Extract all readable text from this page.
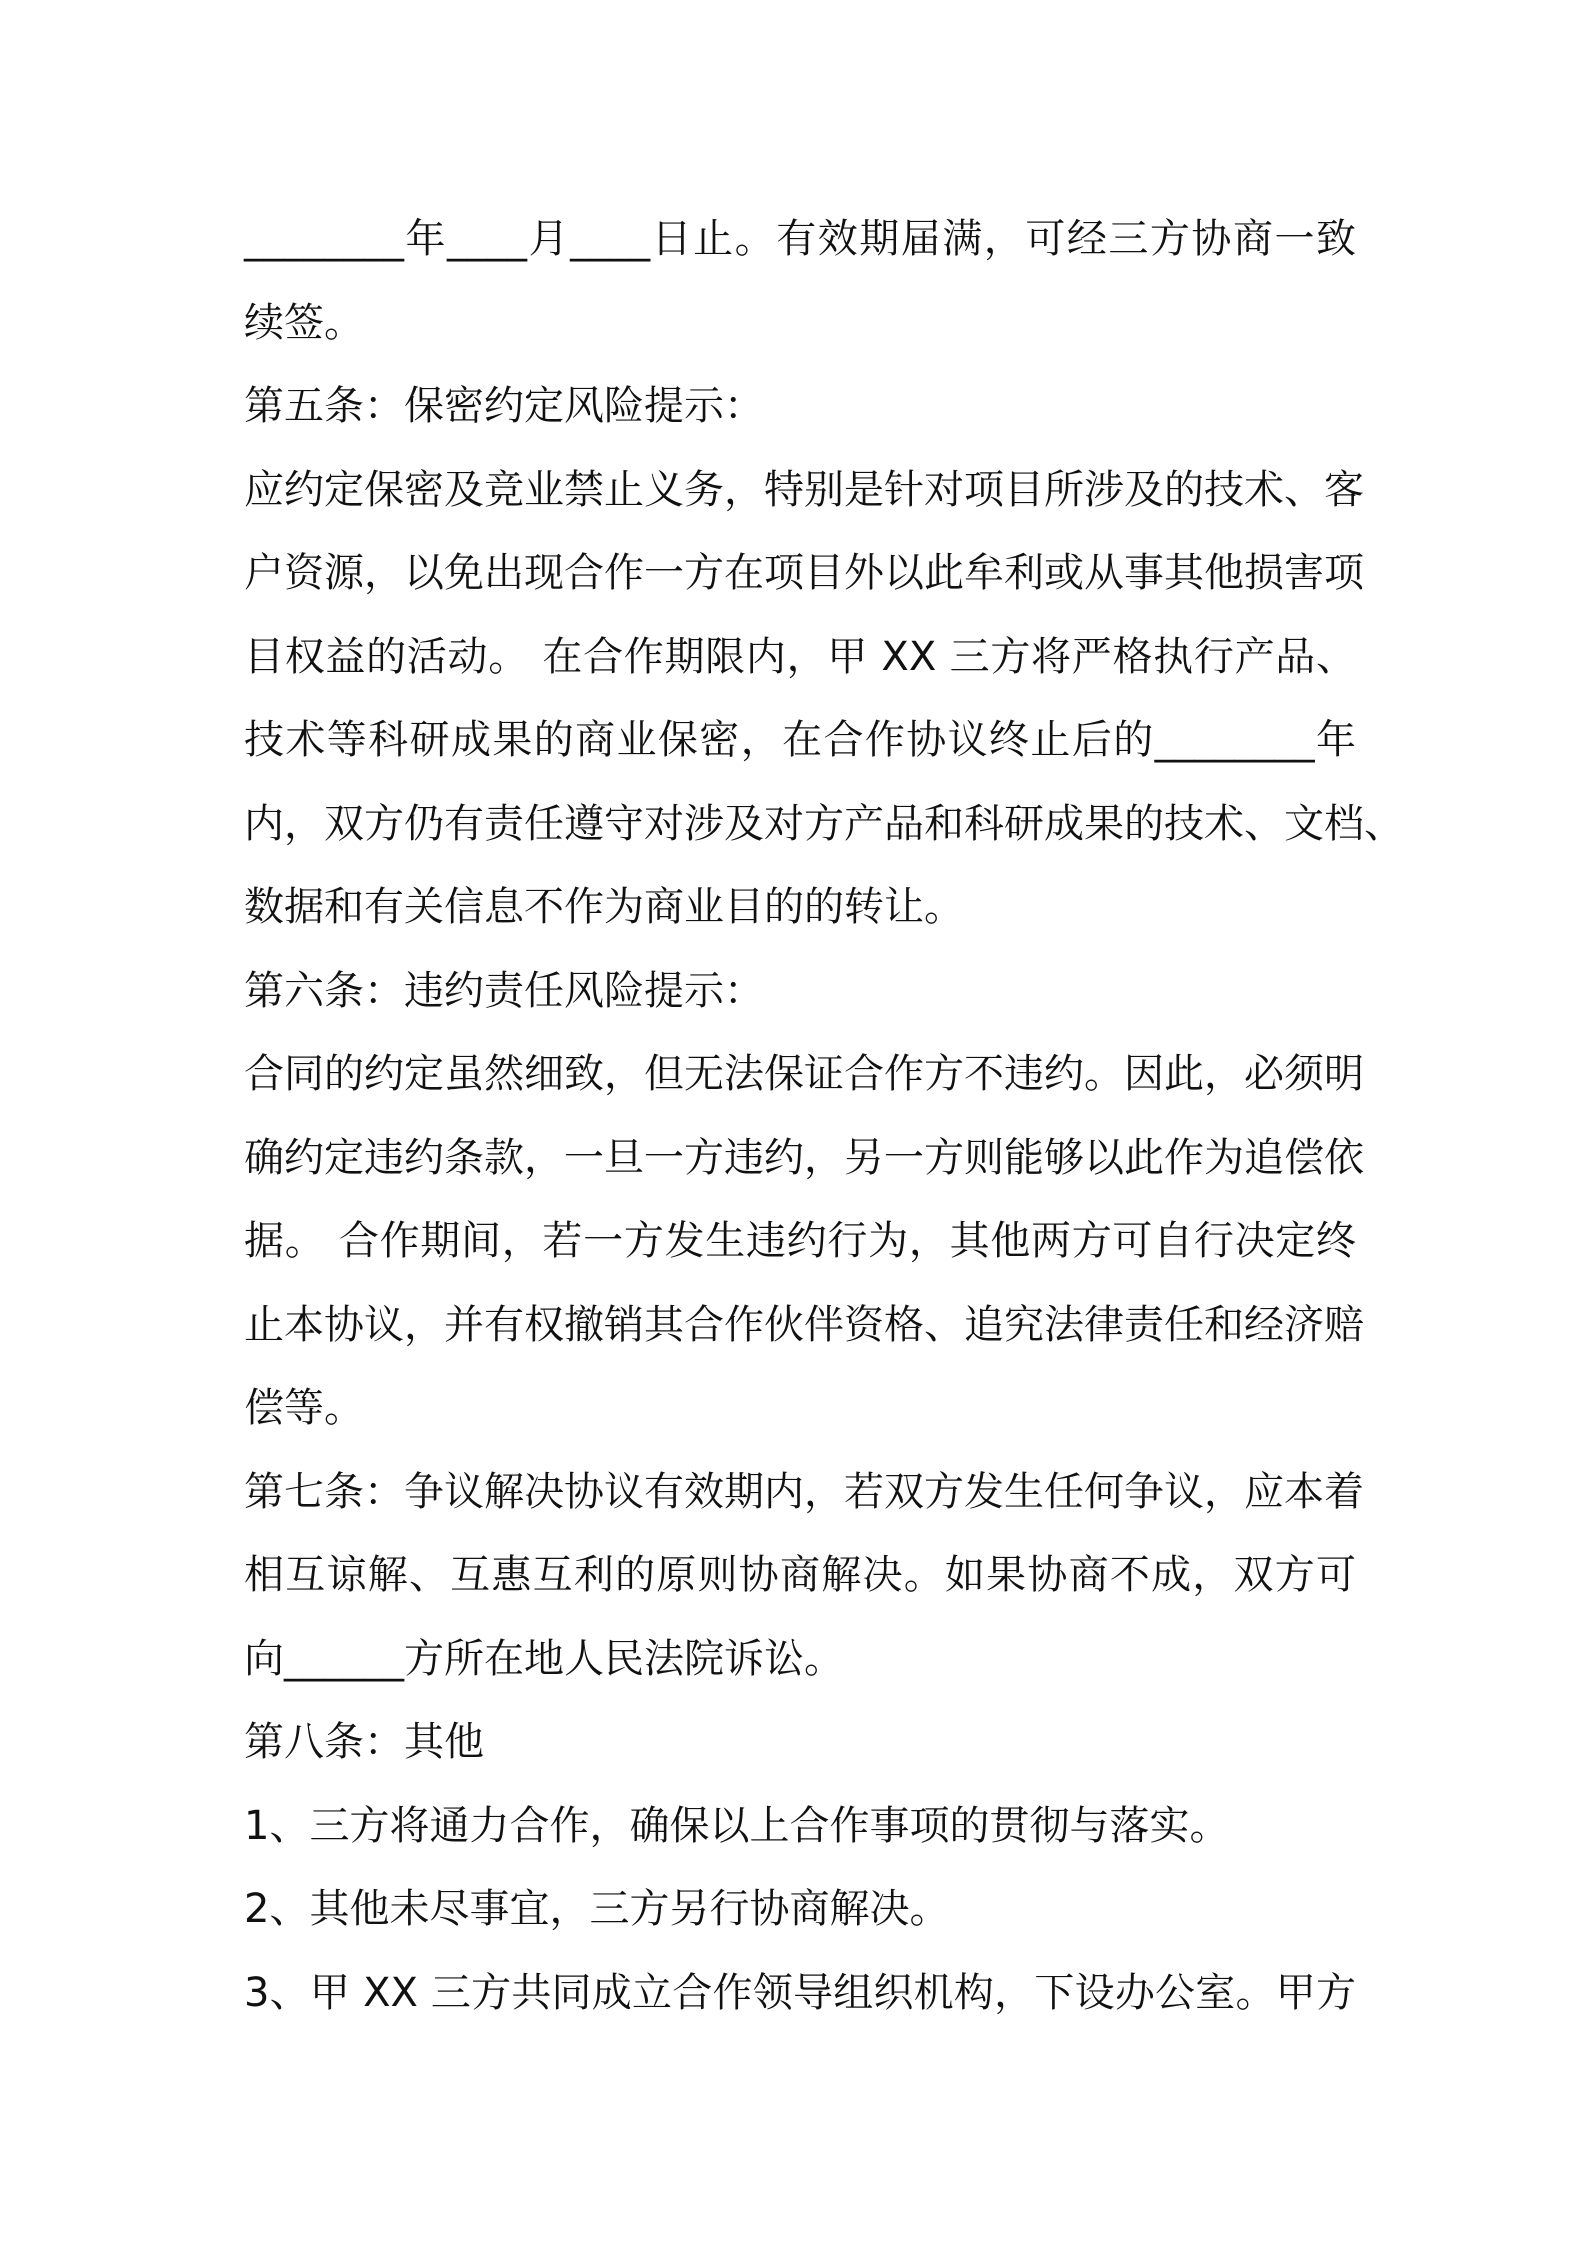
________年____月____日止。有效期届满，可经三方协商一致
续签。
第五条：保密约定风险提示：
应约定保密及竞业禁止义务，特别是针对项目所涉及的技术、客
户资源，以免出现合作一方在项目外以此牟利或从事其他损害项
目权益的活动。 在合作期限内，甲 XX 三方将严格执行产品、
技术等科研成果的商业保密，在合作协议终止后的________年
内，双方仍有责任遵守对涉及对方产品和科研成果的技术、文档、
数据和有关信息不作为商业目的的转让。
第六条：违约责任风险提示：
合同的约定虽然细致，但无法保证合作方不违约。因此，必须明
确约定违约条款，一旦一方违约，另一方则能够以此作为追偿依
据。 合作期间，若一方发生违约行为，其他两方可自行决定终
止本协议，并有权撤销其合作伙伴资格、追究法律责任和经济赔
偿等。
第七条：争议解决协议有效期内，若双方发生任何争议，应本着
相互谅解、互惠互利的原则协商解决。如果协商不成，双方可
向______方所在地人民法院诉讼。
第八条：其他
1、三方将通力合作，确保以上合作事项的贯彻与落实。
2、其他未尽事宜，三方另行协商解决。
3、甲 XX 三方共同成立合作领导组织机构，下设办公室。甲方
